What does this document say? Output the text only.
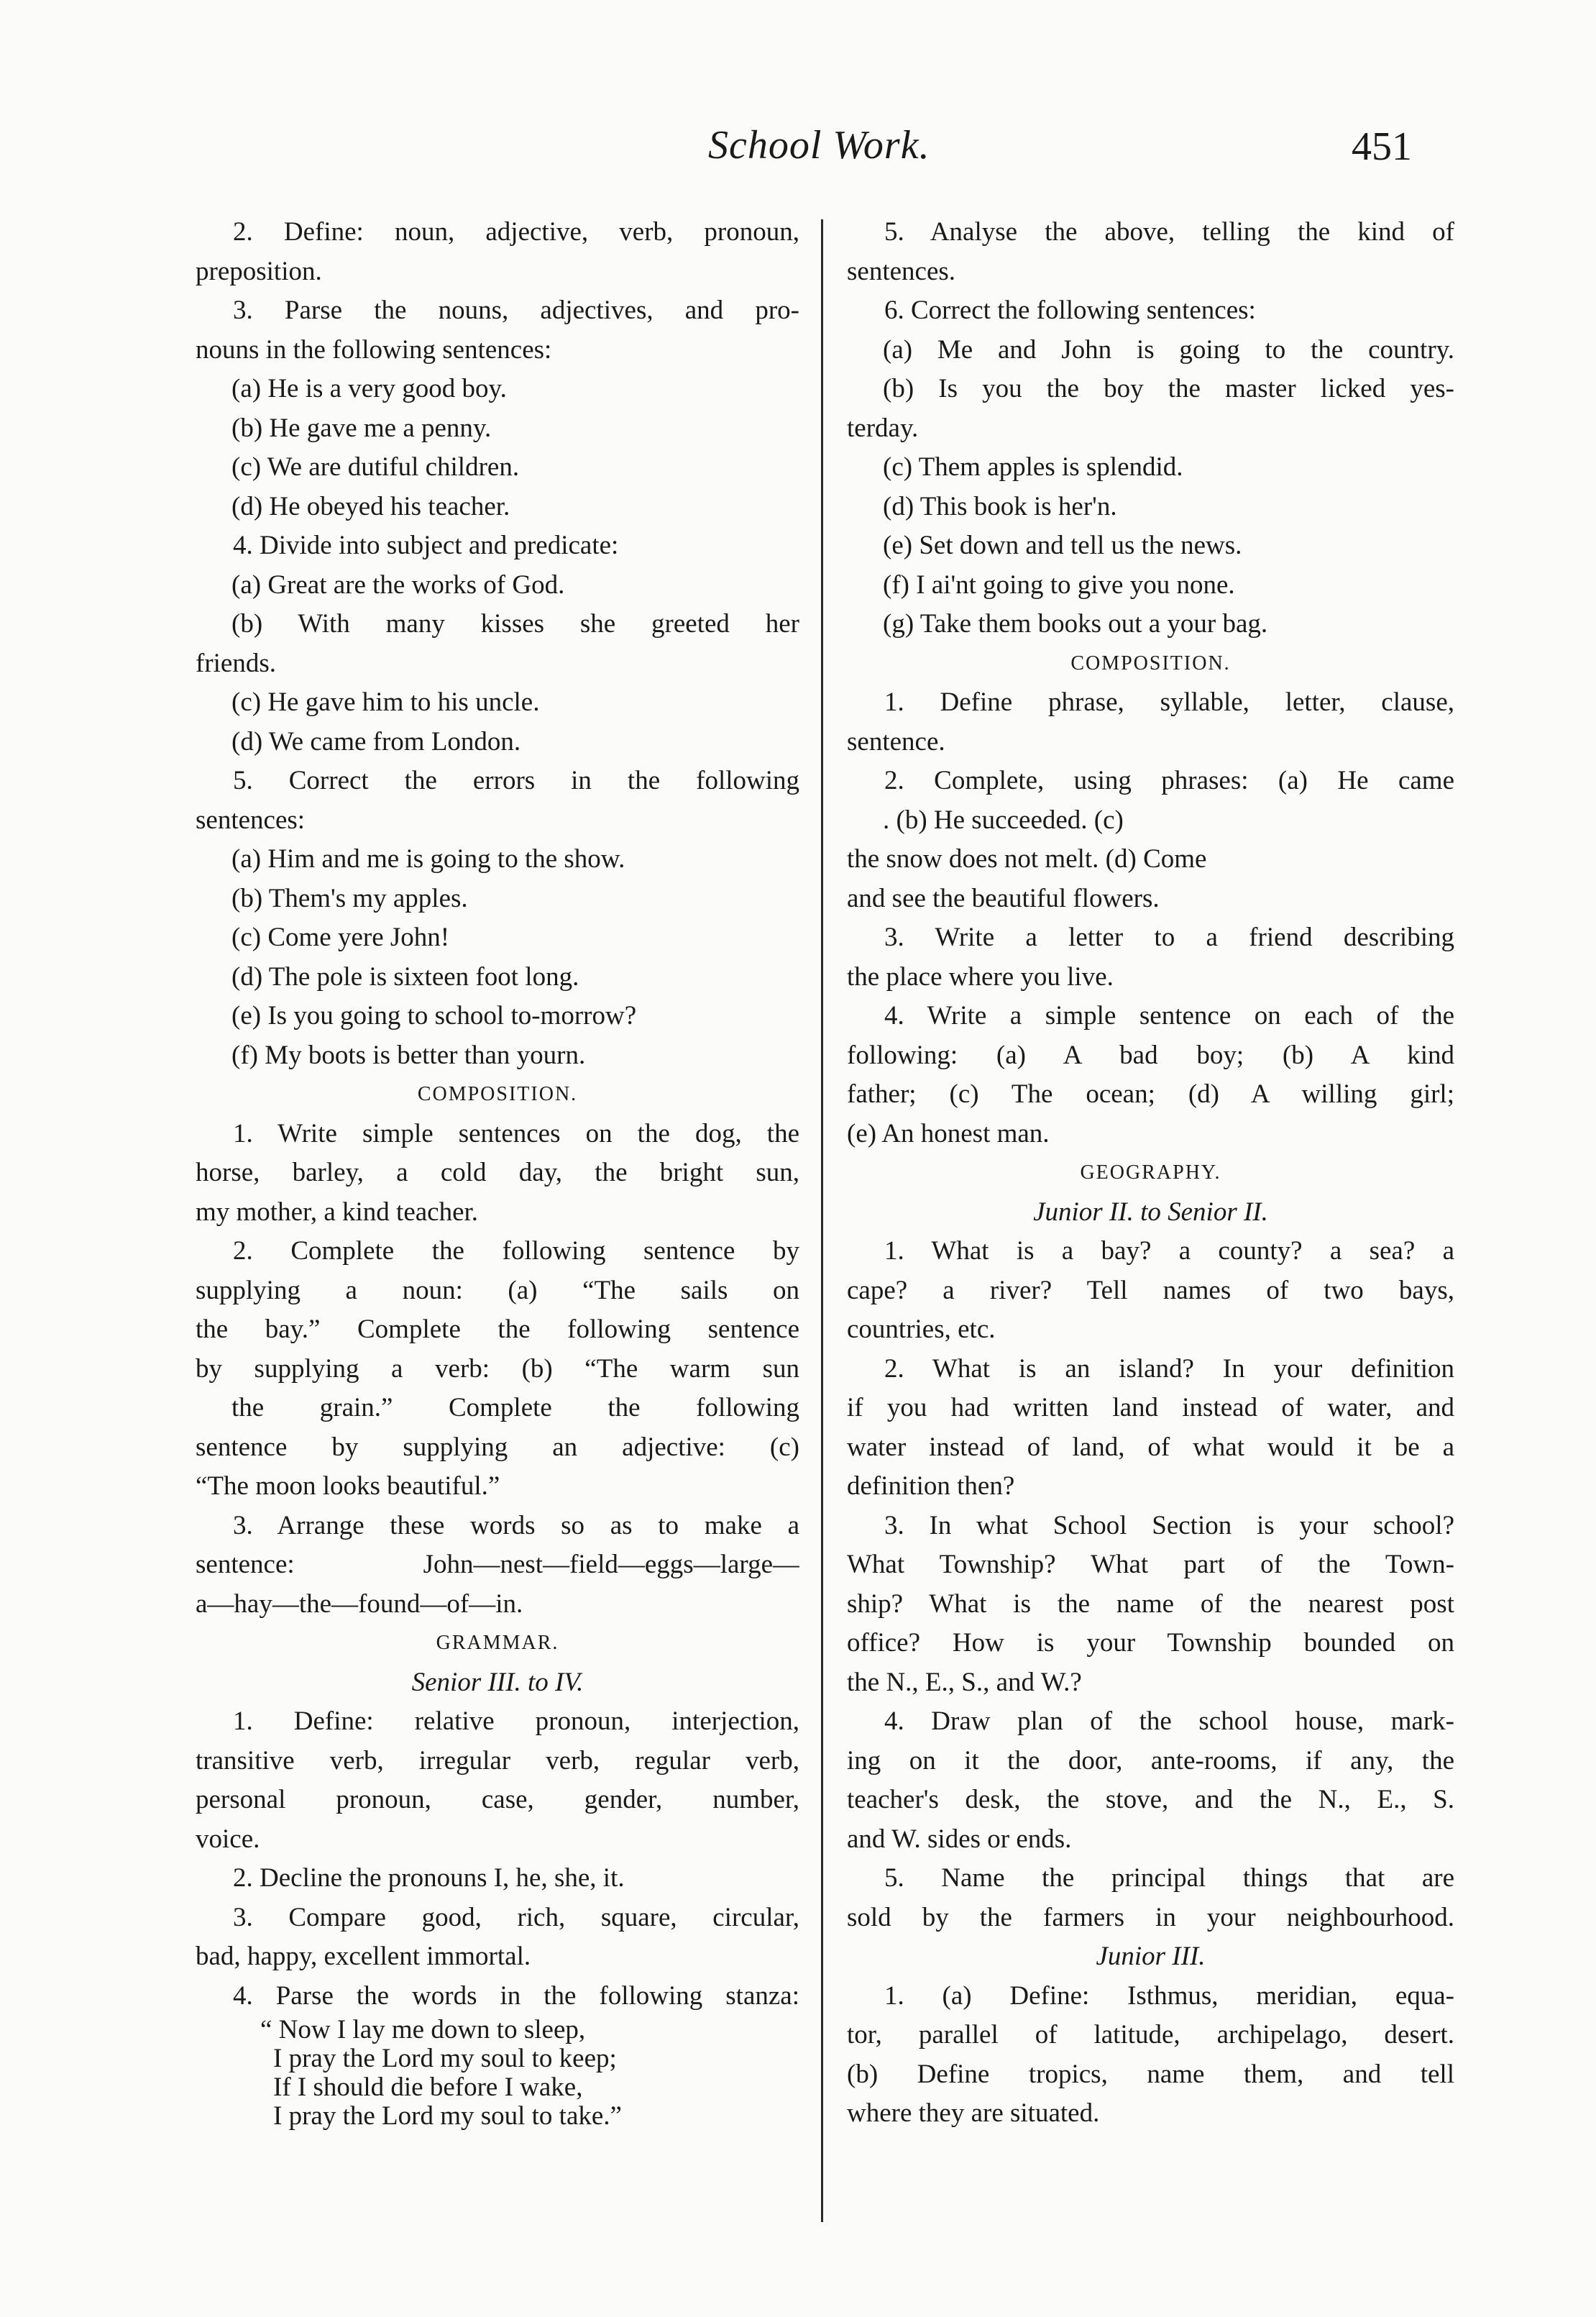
School Work.	451
2. Define: noun, adjective, verb, pronoun,
preposition.
3. Parse the nouns, adjectives, and pro-
nouns in the following sentences:
(a) He is a very good boy.
(b) He gave me a penny.
(c) We are dutiful children.
(d) He obeyed his teacher.
4. Divide into subject and predicate:
(a) Great are the works of God.
(b) With many kisses she greeted her
friends.
(c) He gave him to his uncle.
(d) We came from London.
5. Correct the errors in the following
sentences:
(a) Him and me is going to the show.
(b) Them's my apples.
(c) Come yere John!
(d) The pole is sixteen foot long.
(e) Is you going to school to-morrow?
(f) My boots is better than yourn.
COMPOSITION.
1. Write simple sentences on the dog, the
horse, barley, a cold day, the bright sun,
my mother, a kind teacher.
2. Complete the following sentence by
supplying a noun: (a) “The sails on
the bay.” Complete the following sentence
by supplying a verb: (b) “The warm sun
the grain.” Complete the following
sentence by supplying an adjective: (c)
“The moon looks beautiful.”
3. Arrange these words so as to make a
sentence: John—nest—field—eggs—large—
a—hay—the—found—of—in.
GRAMMAR.
Senior III. to IV.
1. Define: relative pronoun, interjection,
transitive verb, irregular verb, regular verb,
personal pronoun, case, gender, number,
voice.
2. Decline the pronouns I, he, she, it.
3. Compare good, rich, square, circular,
bad, happy, excellent immortal.
4. Parse the words in the following stanza:
“ Now I lay me down to sleep,
I pray the Lord my soul to keep;
If I should die before I wake,
I pray the Lord my soul to take.”
5. Analyse the above, telling the kind of
sentences.
6. Correct the following sentences:
(a) Me and John is going to the country.
(b) Is you the boy the master licked yes-
terday.
(c) Them apples is splendid.
(d) This book is her'n.
(e) Set down and tell us the news.
(f) I ai'nt going to give you none.
(g) Take them books out a your bag.
COMPOSITION.
1. Define phrase, syllable, letter, clause,
sentence.
2. Complete, using phrases: (a) He came
. (b) He succeeded. (c)
the snow does not melt. (d) Come
and see the beautiful flowers.
3. Write a letter to a friend describing
the place where you live.
4. Write a simple sentence on each of the
following: (a) A bad boy; (b) A kind
father; (c) The ocean; (d) A willing girl;
(e) An honest man.
GEOGRAPHY.
Junior II. to Senior II.
1. What is a bay? a county? a sea? a
cape? a river? Tell names of two bays,
countries, etc.
2. What is an island? In your definition
if you had written land instead of water, and
water instead of land, of what would it be a
definition then?
3. In what School Section is your school?
What Township? What part of the Town-
ship? What is the name of the nearest post
office? How is your Township bounded on
the N., E., S., and W.?
4. Draw plan of the school house, mark-
ing on it the door, ante-rooms, if any, the
teacher's desk, the stove, and the N., E., S.
and W. sides or ends.
5. Name the principal things that are
sold by the farmers in your neighbourhood.
Junior III.
1. (a) Define: Isthmus, meridian, equa-
tor, parallel of latitude, archipelago, desert.
(b) Define tropics, name them, and tell
where they are situated.
